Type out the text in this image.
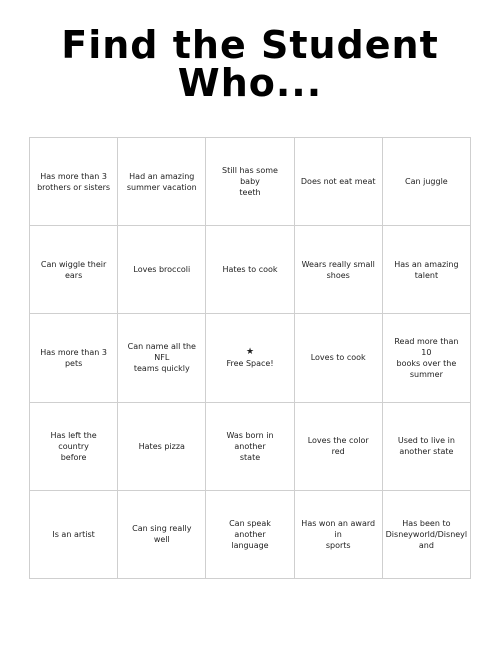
Find the Student Who...
Has more than 3
brothers or sisters
Had an amazing
summer vacation
Still has some baby
teeth
Does not eat meat	Can juggle
Can wiggle their ears
Loves broccoli	Hates to cook
Wears really small
shoes
Has an amazing
talent
Has more than 3 pets
Can name all the NFL
teams quickly
★
Free Space!
Loves to cook
Read more than 10
books over the
summer
Has left the country
before
Hates pizza
Was born in another
state
Loves the color red
Used to live in
another state
Is an artist
Can sing really well
Can speak another
language
Has won an award in
sports
Has been to
Disneyworld/Disneyl
and
